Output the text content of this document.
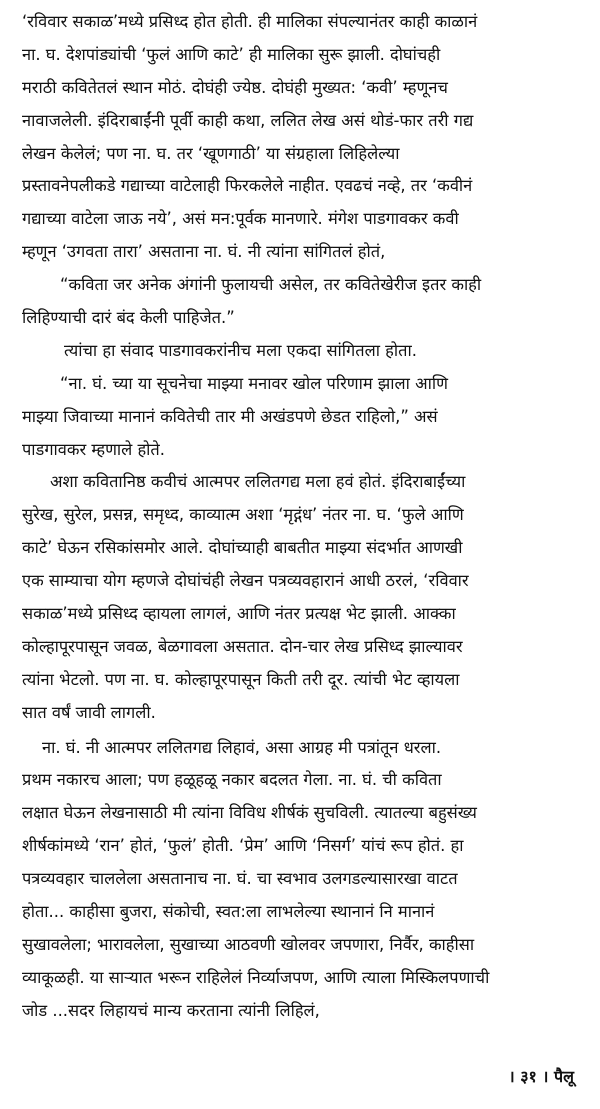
‘रविवार सकाळ’मध्ये प्रसिध्द होत होती. ही मालिका संपल्यानंतर काही काळानं
ना. घ. देशपांड्यांची ‘फुलं आणि काटे’ ही मालिका सुरू झाली. दोघांचही
मराठी कवितेतलं स्थान मोठं. दोघंही ज्येष्ठ. दोघंही मुख्यत: ‘कवी’ म्हणूनच
नावाजलेली. इंदिराबाईंनी पूर्वी काही कथा, ललित लेख असं थोडं-फार तरी गद्य
लेखन केलेलं; पण ना. घ. तर ‘खूणगाठी’ या संग्रहाला लिहिलेल्या
प्रस्तावनेपलीकडे गद्याच्या वाटेलाही फिरकलेले नाहीत. एवढचं नव्हे, तर ‘कवीनं
गद्याच्या वाटेला जाऊ नये’, असं मन:पूर्वक मानणारे. मंगेश पाडगावकर कवी
म्हणून ‘उगवता तारा’ असताना ना. घं. नी त्यांना सांगितलं होतं,
“कविता जर अनेक अंगांनी फुलायची असेल, तर कवितेखेरीज इतर काही
लिहिण्याची दारं बंद केली पाहिजेत.”
त्यांचा हा संवाद पाडगावकरांनीच मला एकदा सांगितला होता.
“ना. घं. च्या या सूचनेचा माझ्या मनावर खोल परिणाम झाला आणि
माझ्या जिवाच्या मानानं कवितेची तार मी अखंडपणे छेडत राहिलो,” असं
पाडगावकर म्हणाले होते.
अशा कवितानिष्ठ कवीचं आत्मपर ललितगद्य मला हवं होतं. इंदिराबाईंच्या
सुरेख, सुरेल, प्रसन्न, समृध्द, काव्यात्म अशा ‘मृद्गंध’ नंतर ना. घ. ‘फुले आणि
काटे’ घेऊन रसिकांसमोर आले. दोघांच्याही बाबतीत माझ्या संदर्भात आणखी
एक साम्याचा योग म्हणजे दोघांचंही लेखन पत्रव्यवहारानं आधी ठरलं, ‘रविवार
सकाळ’मध्ये प्रसिध्द व्हायला लागलं, आणि नंतर प्रत्यक्ष भेट झाली. आक्का
कोल्हापूरपासून जवळ, बेळगावला असतात. दोन-चार लेख प्रसिध्द झाल्यावर
त्यांना भेटलो. पण ना. घ. कोल्हापूरपासून किती तरी दूर. त्यांची भेट व्हायला
सात वर्षं जावी लागली.
ना. घं. नी आत्मपर ललितगद्य लिहावं, असा आग्रह मी पत्रांतून धरला.
प्रथम नकारच आला; पण हळूहळू नकार बदलत गेला. ना. घं. ची कविता
लक्षात घेऊन लेखनासाठी मी त्यांना विविध शीर्षकं सुचविली. त्यातल्या बहुसंख्य
शीर्षकांमध्ये ‘रान’ होतं, ‘फुलं’ होती. ‘प्रेम’ आणि ‘निसर्ग’ यांचं रूप होतं. हा
पत्रव्यवहार चाललेला असतानाच ना. घं. चा स्वभाव उलगडल्यासारखा वाटत
होता... काहीसा बुजरा, संकोची, स्वत:ला लाभलेल्या स्थानानं नि मानानं
सुखावलेला; भारावलेला, सुखाच्या आठवणी खोलवर जपणारा, निर्वैर, काहीसा
व्याकूळही. या साऱ्यात भरून राहिलेलं निर्व्याजपण, आणि त्याला मिस्किलपणाची
जोड ...सदर लिहायचं मान्य करताना त्यांनी लिहिलं,
। ३१ । पैलू
